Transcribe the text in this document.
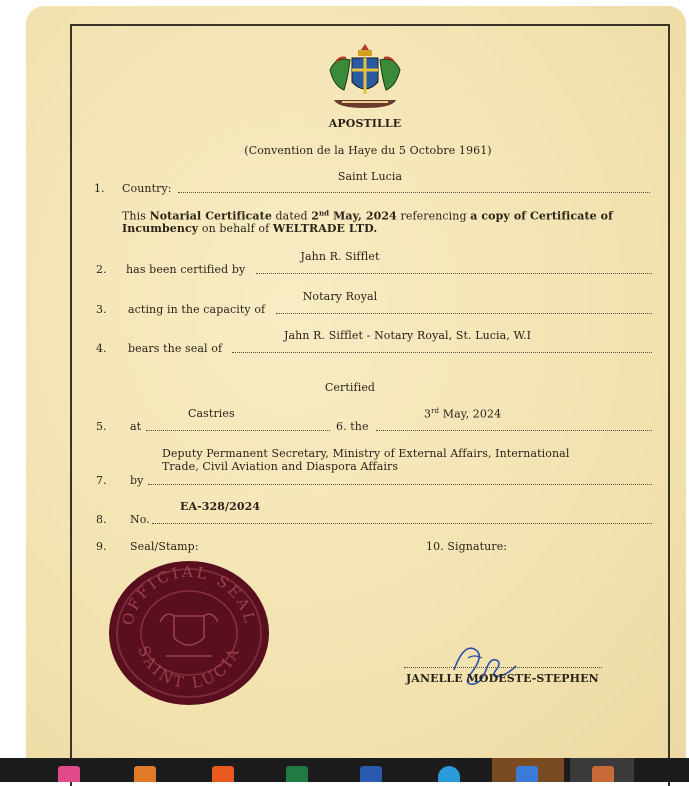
APOSTILLE
(Convention de la Haye du 5 Octobre 1961)
Saint Lucia
1. Country:
This Notarial Certificate dated 2nd May, 2024 referencing a copy of Certificate of
Incumbency on behalf of WELTRADE LTD.
Jahn R. Sifflet
2. has been certified by
Notary Royal
3. acting in the capacity of
Jahn R. Sifflet - Notary Royal, St. Lucia, W.I
4. bears the seal of
Certified
Castries	3rd May, 2024
5. at	6. the
Deputy Permanent Secretary, Ministry of External Affairs, International
Trade, Civil Aviation and Diaspora Affairs
7. by
EA-328/2024
8. No.
9. Seal/Stamp:	10. Signature:
OFFICIAL SEAL
SAINT LUCIA
JANELLE MODESTE-STEPHEN
